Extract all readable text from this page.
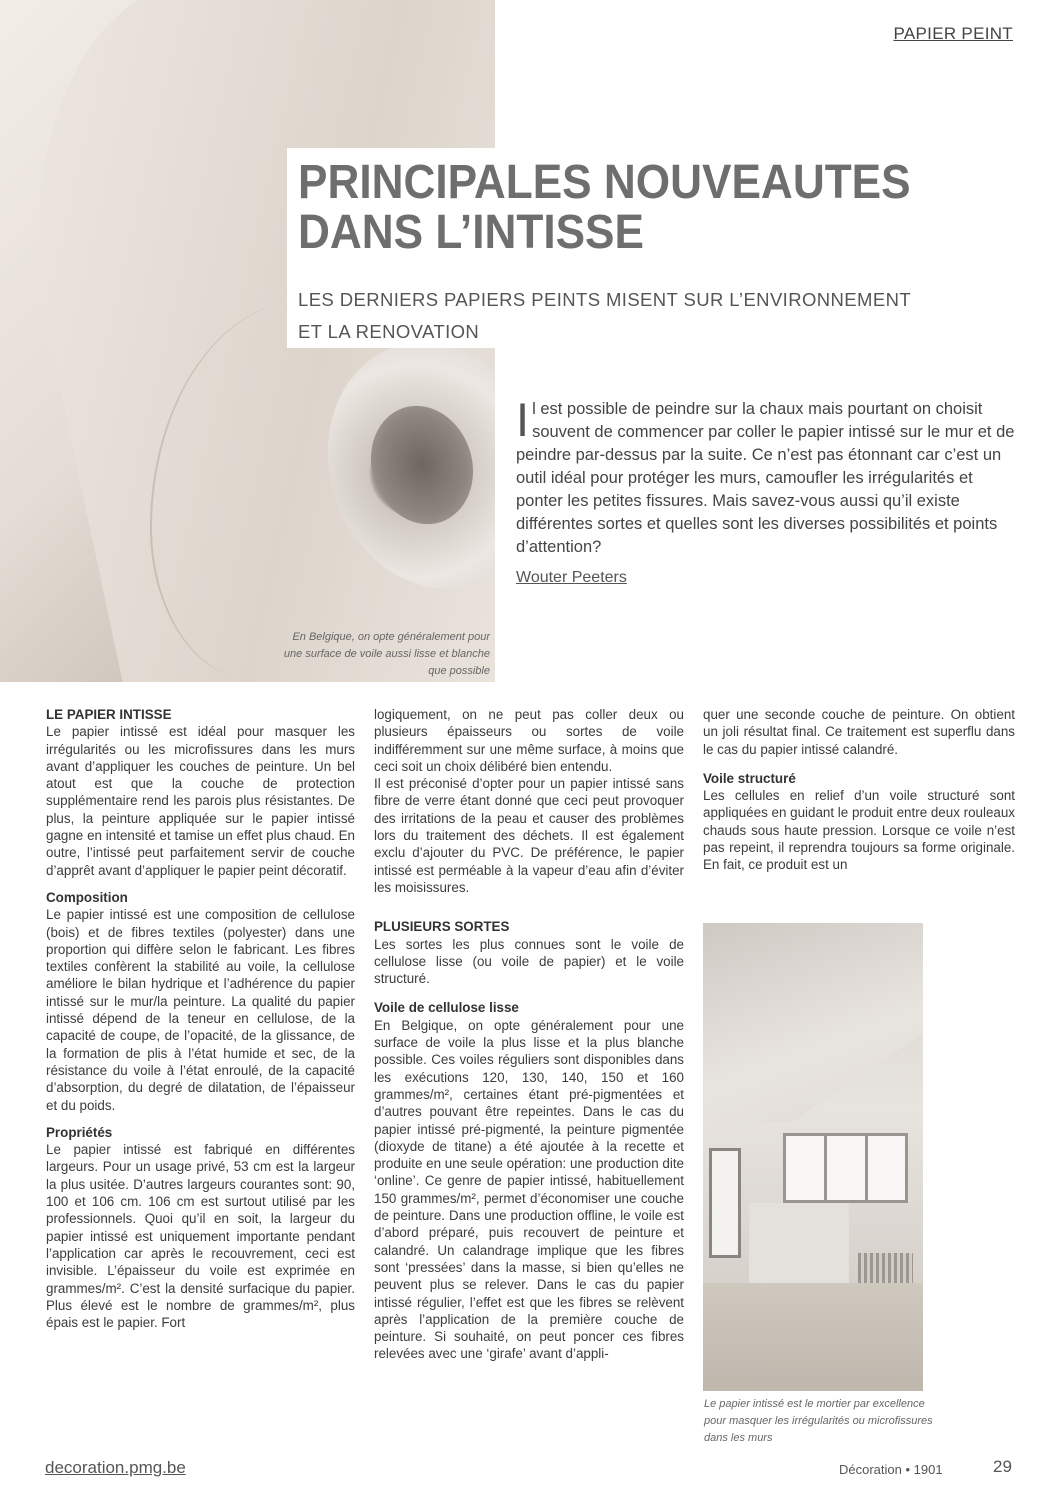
PAPIER PEINT
PRINCIPALES NOUVEAUTES
DANS L’INTISSE
LES DERNIERS PAPIERS PEINTS MISENT SUR L’ENVIRONNEMENT
ET LA RENOVATION
Il est possible de peindre sur la chaux mais pourtant on choisit souvent de commencer par coller le papier intissé sur le mur et de peindre par-dessus par la suite. Ce n’est pas étonnant car c’est un outil idéal pour protéger les murs, camoufler les irrégularités et ponter les petites fissures. Mais savez-vous aussi qu’il existe différentes sortes et quelles sont les diverses possibilités et points d’attention?
Wouter Peeters
En Belgique, on opte généralement pour une surface de voile aussi lisse et blanche que possible

LE PAPIER INTISSE

Le papier intissé est idéal pour masquer les irrégularités ou les microfissures dans les murs avant d’appliquer les couches de peinture. Un bel atout est que la couche de protection supplémentaire rend les parois plus résistantes. De plus, la peinture appliquée sur le papier intissé gagne en intensité et tamise un effet plus chaud. En outre, l’intissé peut parfaitement servir de couche d’apprêt avant d’appliquer le papier peint décoratif.

Composition

Le papier intissé est une composition de cellulose (bois) et de fibres textiles (polyester) dans une proportion qui diffère selon le fabricant. Les fibres textiles confèrent la stabilité au voile, la cellulose améliore le bilan hydrique et l’adhérence du papier intissé sur le mur/la peinture. La qualité du papier intissé dépend de la teneur en cellulose, de la capacité de coupe, de l’opacité, de la glissance, de la formation de plis à l’état humide et sec, de la résistance du voile à l’état enroulé, de la capacité d’absorption, du degré de dilatation, de l’épaisseur et du poids.

Propriétés

Le papier intissé est fabriqué en différentes largeurs. Pour un usage privé, 53 cm est la largeur la plus usitée. D’autres largeurs courantes sont: 90, 100 et 106 cm. 106 cm est surtout utilisé par les professionnels. Quoi qu’il en soit, la largeur du papier intissé est uniquement importante pendant l’application car après le recouvrement, ceci est invisible. L’épaisseur du voile est exprimée en grammes/m². C’est la densité surfacique du papier. Plus élevé est le nombre de grammes/m², plus épais est le papier. Fort

logiquement, on ne peut pas coller deux ou plusieurs épaisseurs ou sortes de voile indifféremment sur une même surface, à moins que ceci soit un choix délibéré bien entendu.

Il est préconisé d’opter pour un papier intissé sans fibre de verre étant donné que ceci peut provoquer des irritations de la peau et causer des problèmes lors du traitement des déchets. Il est également exclu d’ajouter du PVC. De préférence, le papier intissé est perméable à la vapeur d’eau afin d’éviter les moisissures.

PLUSIEURS SORTES

Les sortes les plus connues sont le voile de cellulose lisse (ou voile de papier) et le voile structuré.

Voile de cellulose lisse

En Belgique, on opte généralement pour une surface de voile la plus lisse et la plus blanche possible. Ces voiles réguliers sont disponibles dans les exécutions 120, 130, 140, 150 et 160 grammes/m², certaines étant pré-pigmentées et d’autres pouvant être repeintes. Dans le cas du papier intissé pré-pigmenté, la peinture pigmentée (dioxyde de titane) a été ajoutée à la recette et produite en une seule opération: une production dite ‘online’. Ce genre de papier intissé, habituellement 150 grammes/m², permet d’économiser une couche de peinture. Dans une production offline, le voile est d’abord préparé, puis recouvert de peinture et calandré. Un calandrage implique que les fibres sont ‘pressées’ dans la masse, si bien qu’elles ne peuvent plus se relever. Dans le cas du papier intissé régulier, l’effet est que les fibres se relèvent après l’application de la première couche de peinture. Si souhaité, on peut poncer ces fibres relevées avec une ‘girafe’ avant d’appli-

quer une seconde couche de peinture. On obtient un joli résultat final. Ce traitement est superflu dans le cas du papier intissé calandré.

Voile structuré

Les cellules en relief d’un voile structuré sont appliquées en guidant le produit entre deux rouleaux chauds sous haute pression. Lorsque ce voile n’est pas repeint, il reprendra toujours sa forme originale. En fait, ce produit est un

Le papier intissé est le mortier par excellence pour masquer les irrégularités ou microfissures dans les murs
decoration.pmg.be	Décoration • 1901	29
